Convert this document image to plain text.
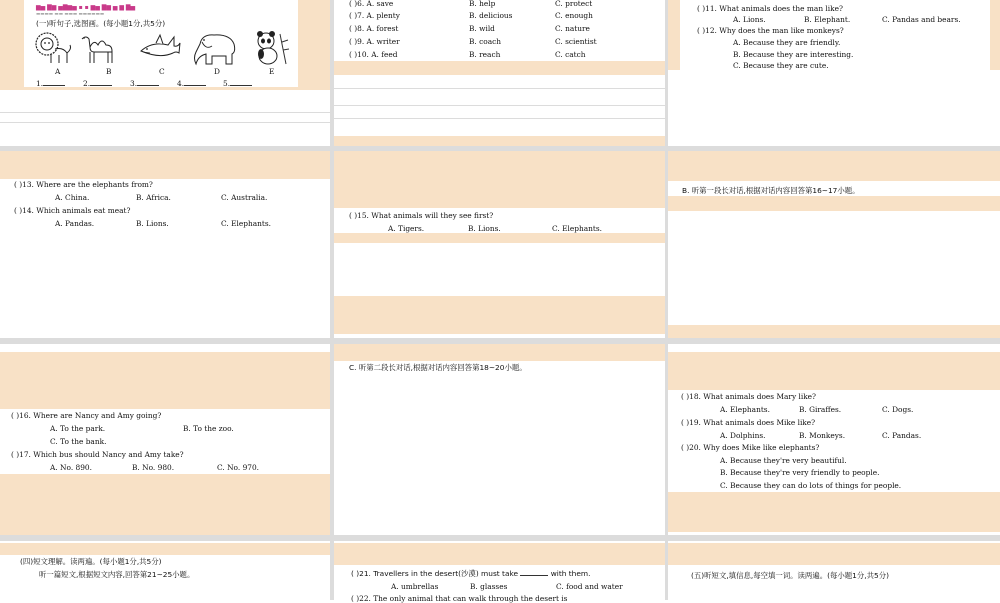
▆▅ ▇▆ ▅▇▆▅ ▪ ▪ ▆▅ ▇▆ ▅ ▆ ▇▅
▬▬▬▬ ▬▬ ▬▬▬ ▬▬▬▬▬▬
(一)听句子,选图画。(每小题1分,共5分)
A	B	C	D	E
1.	2.	3.	4.	5.
( )6. A. save	B. help	C. protect
( )7. A. plenty	B. delicious	C. enough
( )8. A. forest	B. wild	C. nature
( )9. A. writer	B. coach	C. scientist
( )10. A. feed	B. reach	C. catch
( )11. What animals does the man like?
A. Lions.	B. Elephant.	C. Pandas and bears.
( )12. Why does the man like monkeys?
A. Because they are friendly.
B. Because they are interesting.
C. Because they are cute.
( )13. Where are the elephants from?
A. China.	B. Africa.	C. Australia.
( )14. Which animals eat meat?
A. Pandas.	B. Lions.	C. Elephants.
( )15. What animals will they see first?
A. Tigers.	B. Lions.	C. Elephants.
B. 听第一段长对话,根据对话内容回答第16~17小题。
( )16. Where are Nancy and Amy going?
A. To the park.	B. To the zoo.
C. To the bank.
( )17. Which bus should Nancy and Amy take?
A. No. 890.	B. No. 980.	C. No. 970.
C. 听第二段长对话,根据对话内容回答第18~20小题。
( )18. What animals does Mary like?
A. Elephants.	B. Giraffes.	C. Dogs.
( )19. What animals does Mike like?
A. Dolphins.	B. Monkeys.	C. Pandas.
( )20. Why does Mike like elephants?
A. Because they're very beautiful.
B. Because they're very friendly to people.
C. Because they can do lots of things for people.
(四)短文理解。读两遍。(每小题1分,共5分)
听一篇短文,根据短文内容,回答第21~25小题。	( )21. Travellers in the desert(沙漠) must take	with them.
A. umbrellas	B. glasses	C. food and water
( )22. The only animal that can walk through the desert is
(五)听短文,填信息,每空填一词。读两遍。(每小题1分,共5分)
